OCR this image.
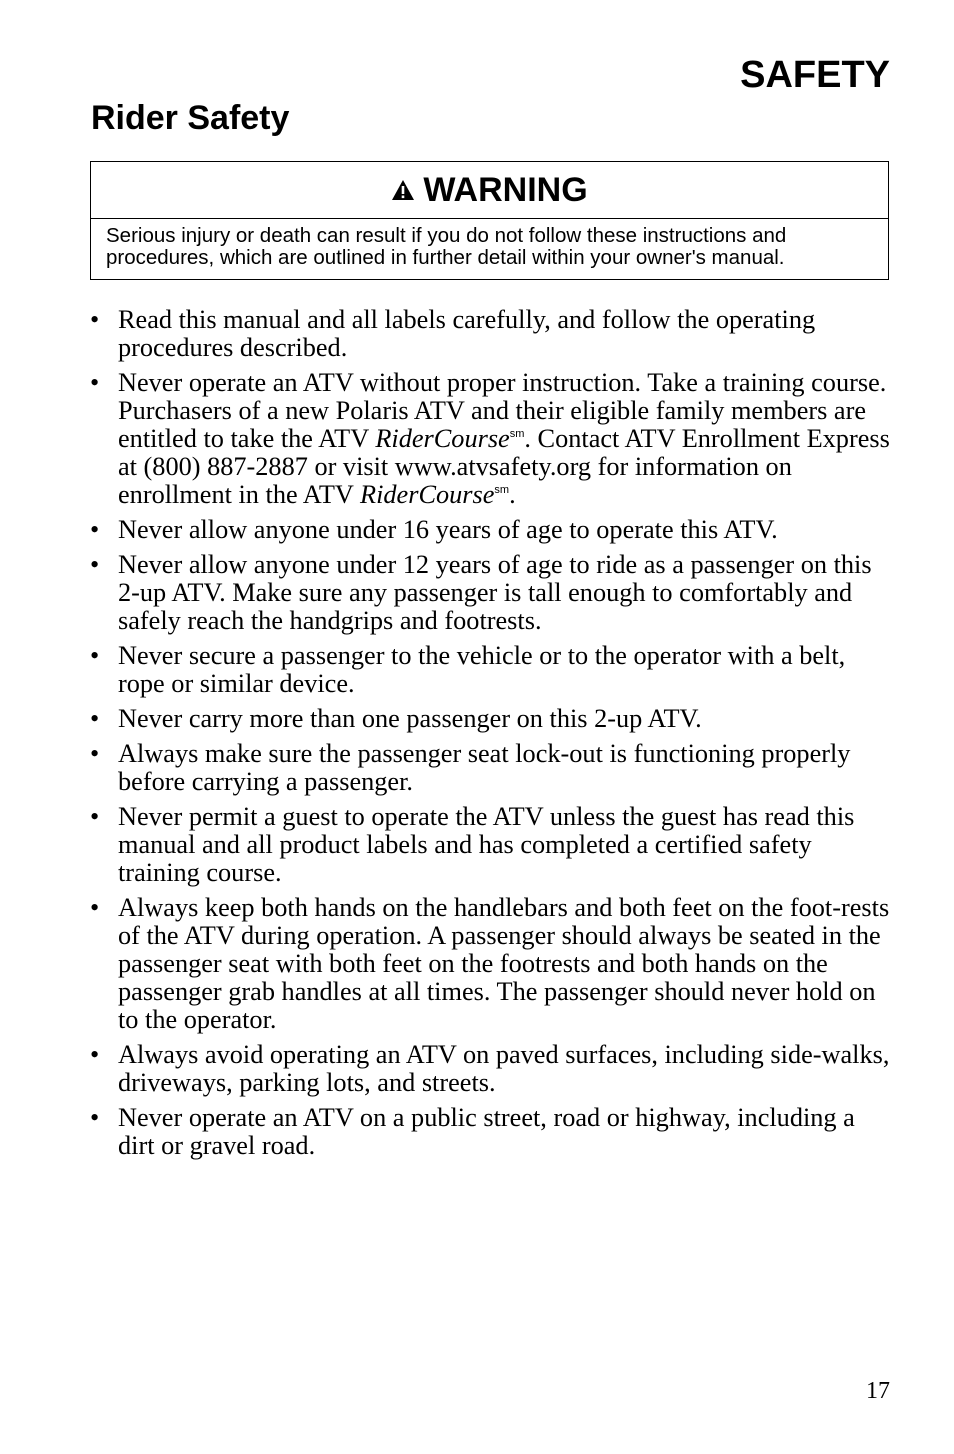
SAFETY
Rider Safety
WARNING
Serious injury or death can result if you do not follow these instructions and procedures, which are outlined in further detail within your owner's manual.
• Read this manual and all labels carefully, and follow the operating procedures described.
• Never operate an ATV without proper instruction. Take a training course. Purchasers of a new Polaris ATV and their eligible family members are entitled to take the ATV RiderCourse$^{sm}$. Contact ATV Enrollment Express at (800) 887-2887 or visit www.atvsafety.org for information on enrollment in the ATV RiderCourse$^{sm}$.
• Never allow anyone under 16 years of age to operate this ATV.
• Never allow anyone under 12 years of age to ride as a passenger on this 2-up ATV. Make sure any passenger is tall enough to comfortably and safely reach the handgrips and footrests.
• Never secure a passenger to the vehicle or to the operator with a belt, rope or similar device.
• Never carry more than one passenger on this 2-up ATV.
• Always make sure the passenger seat lock-out is functioning properly before carrying a passenger.
• Never permit a guest to operate the ATV unless the guest has read this manual and all product labels and has completed a certified safety training course.
• Always keep both hands on the handlebars and both feet on the foot-rests of the ATV during operation. A passenger should always be seated in the passenger seat with both feet on the footrests and both hands on the passenger grab handles at all times. The passenger should never hold on to the operator.
• Always avoid operating an ATV on paved surfaces, including side-walks, driveways, parking lots, and streets.
• Never operate an ATV on a public street, road or highway, including a dirt or gravel road.
17
